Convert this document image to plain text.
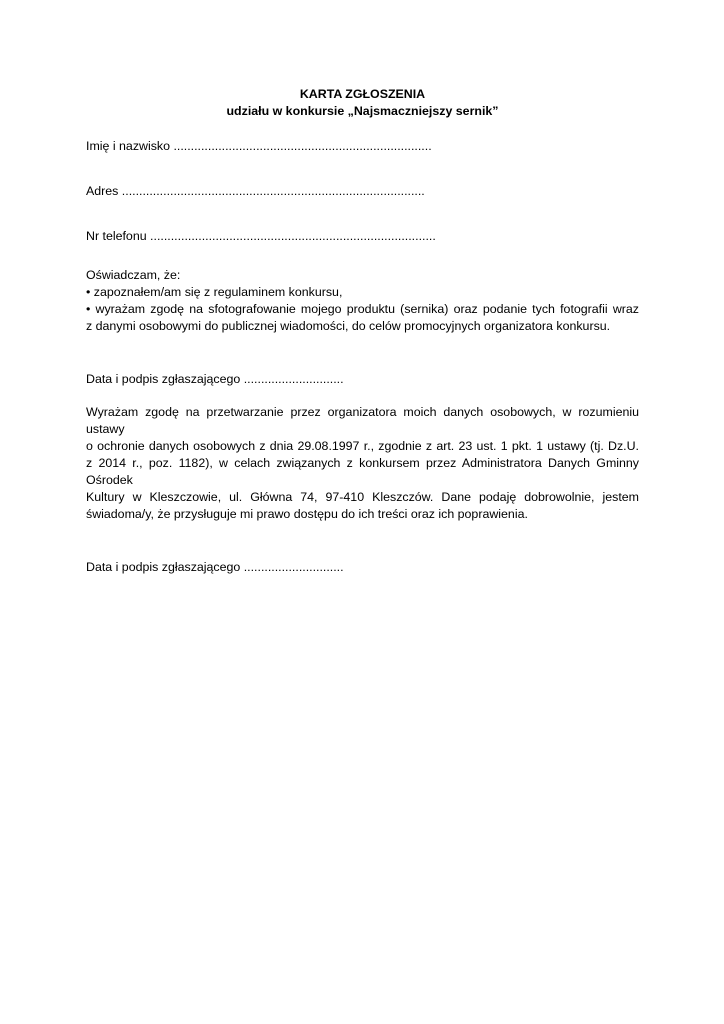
KARTA ZGŁOSZENIA

udziału w konkursie „Najsmaczniejszy sernik”

Imię i nazwisko ...........................................................................

Adres ........................................................................................

Nr telefonu ...................................................................................

Oświadczam, że:

• zapoznałem/am się z regulaminem konkursu,

• wyrażam zgodę na sfotografowanie mojego produktu (sernika) oraz podanie tych fotografii wraz

z danymi osobowymi do publicznej wiadomości, do celów promocyjnych organizatora konkursu.

Data i podpis zgłaszającego .............................

Wyrażam zgodę na przetwarzanie przez organizatora moich danych osobowych, w rozumieniu ustawy

o ochronie danych osobowych z dnia 29.08.1997 r., zgodnie z art. 23 ust. 1 pkt. 1 ustawy (tj. Dz.U.

z 2014 r., poz. 1182), w celach związanych z konkursem przez Administratora Danych Gminny Ośrodek

Kultury w Kleszczowie, ul. Główna 74, 97-410 Kleszczów. Dane podaję dobrowolnie, jestem

świadoma/y, że przysługuje mi prawo dostępu do ich treści oraz ich poprawienia.

Data i podpis zgłaszającego .............................
